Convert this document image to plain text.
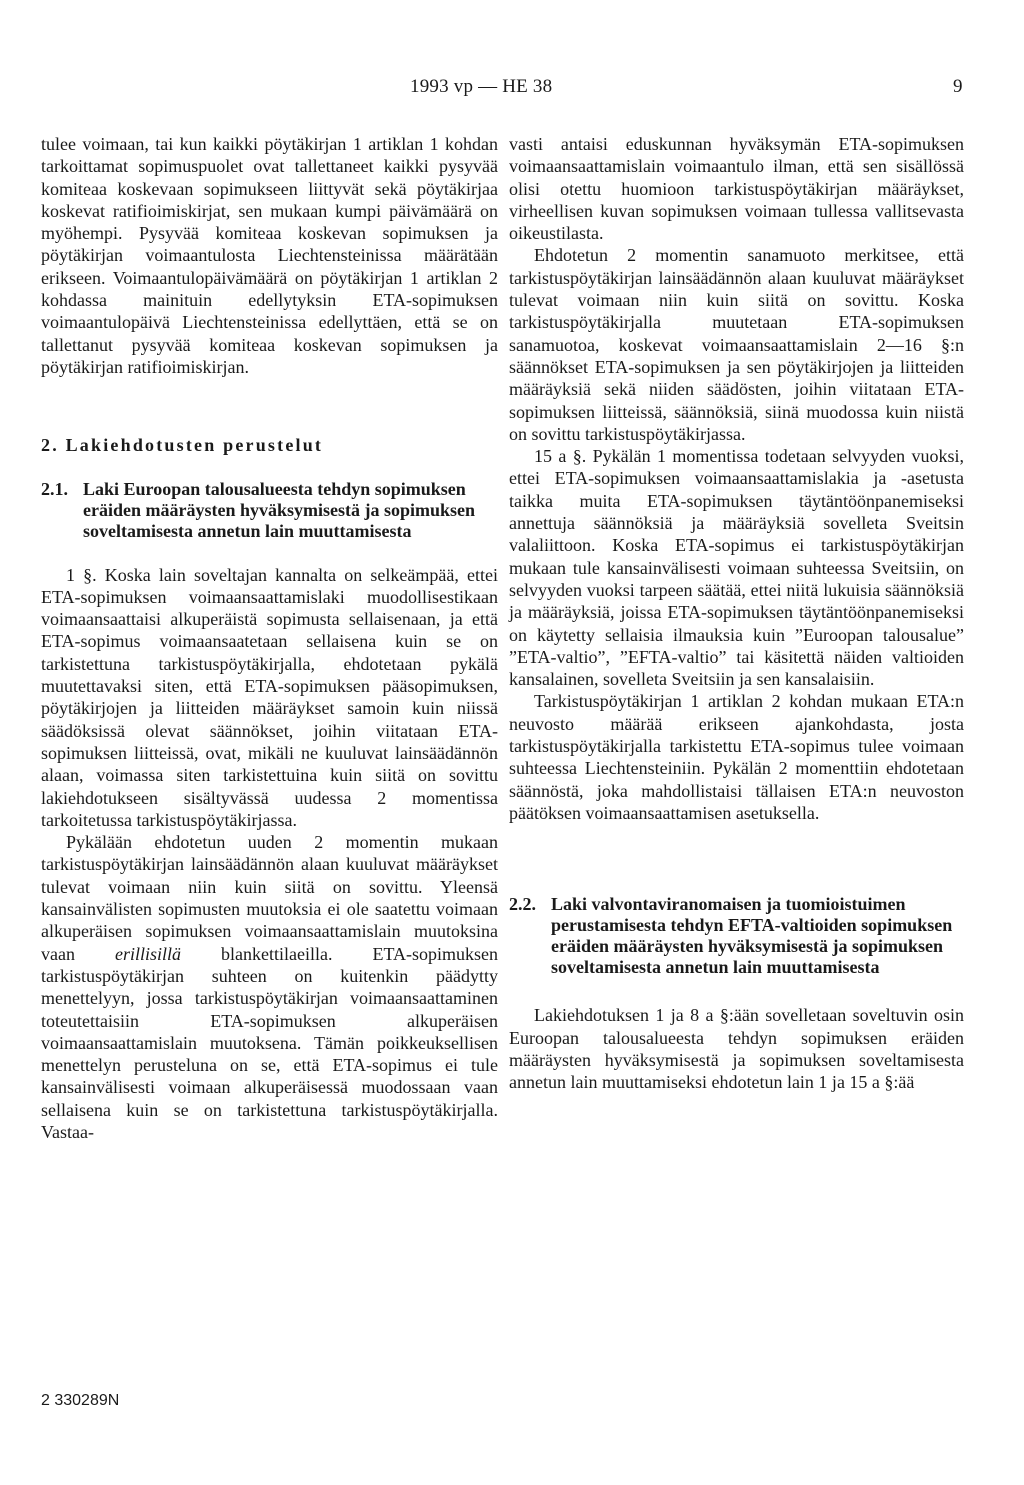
1993 vp — HE 38	9

tulee voimaan, tai kun kaikki pöytäkirjan 1 artiklan 1 kohdan tarkoittamat sopimuspuolet ovat tallettaneet kaikki pysyvää komiteaa koskevaan sopimukseen liittyvät sekä pöytäkirjaa koskevat ratifioimiskirjat, sen mukaan kumpi päivämäärä on myöhempi. Pysyvää komiteaa koskevan sopimuksen ja pöytäkirjan voimaantulosta Liechtensteinissa määrätään erikseen. Voimaantulopäivämäärä on pöytäkirjan 1 artiklan 2 kohdassa mainituin edellytyksin ETA-sopimuksen voimaantulopäivä Liechtensteinissa edellyttäen, että se on tallettanut pysyvää komiteaa koskevan sopimuksen ja pöytäkirjan ratifioimiskirjan.

2. Lakiehdotusten perustelut

2.1. Laki Euroopan talousalueesta tehdyn sopimuksen eräiden määräysten hyväksymisestä ja sopimuksen soveltamisesta annetun lain muuttamisesta

1 §. Koska lain soveltajan kannalta on selkeämpää, ettei ETA-sopimuksen voimaansaattamislaki muodollisestikaan voimaansaattaisi alkuperäistä sopimusta sellaisenaan, ja että ETA-sopimus voimaansaatetaan sellaisena kuin se on tarkistettuna tarkistuspöytäkirjalla, ehdotetaan pykälä muutettavaksi siten, että ETA-sopimuksen pääsopimuksen, pöytäkirjojen ja liitteiden määräykset samoin kuin niissä säädöksissä olevat säännökset, joihin viitataan ETA-sopimuksen liitteissä, ovat, mikäli ne kuuluvat lainsäädännön alaan, voimassa siten tarkistettuina kuin siitä on sovittu lakiehdotukseen sisältyvässä uudessa 2 momentissa tarkoitetussa tarkistuspöytäkirjassa.

Pykälään ehdotetun uuden 2 momentin mukaan tarkistuspöytäkirjan lainsäädännön alaan kuuluvat määräykset tulevat voimaan niin kuin siitä on sovittu. Yleensä kansainvälisten sopimusten muutoksia ei ole saatettu voimaan alkuperäisen sopimuksen voimaansaattamislain muutoksina vaan erillisillä blankettilaeilla. ETA-sopimuksen tarkistuspöytäkirjan suhteen on kuitenkin päädytty menettelyyn, jossa tarkistuspöytäkirjan voimaansaattaminen toteutettaisiin ETA-sopimuksen alkuperäisen voimaansaattamislain muutoksena. Tämän poikkeuksellisen menettelyn perusteluna on se, että ETA-sopimus ei tule kansainvälisesti voimaan alkuperäisessä muodossaan vaan sellaisena kuin se on tarkistettuna tarkistuspöytäkirjalla. Vastaa-

vasti antaisi eduskunnan hyväksymän ETA-sopimuksen voimaansaattamislain voimaantulo ilman, että sen sisällössä olisi otettu huomioon tarkistuspöytäkirjan määräykset, virheellisen kuvan sopimuksen voimaan tullessa vallitsevasta oikeustilasta.

Ehdotetun 2 momentin sanamuoto merkitsee, että tarkistuspöytäkirjan lainsäädännön alaan kuuluvat määräykset tulevat voimaan niin kuin siitä on sovittu. Koska tarkistuspöytäkirjalla muutetaan ETA-sopimuksen sanamuotoa, koskevat voimaansaattamislain 2—16 §:n säännökset ETA-sopimuksen ja sen pöytäkirjojen ja liitteiden määräyksiä sekä niiden säädösten, joihin viitataan ETA-sopimuksen liitteissä, säännöksiä, siinä muodossa kuin niistä on sovittu tarkistuspöytäkirjassa.

15 a §. Pykälän 1 momentissa todetaan selvyyden vuoksi, ettei ETA-sopimuksen voimaansaattamislakia ja -asetusta taikka muita ETA-sopimuksen täytäntöönpanemiseksi annettuja säännöksiä ja määräyksiä sovelleta Sveitsin valaliittoon. Koska ETA-sopimus ei tarkistuspöytäkirjan mukaan tule kansainvälisesti voimaan suhteessa Sveitsiin, on selvyyden vuoksi tarpeen säätää, ettei niitä lukuisia säännöksiä ja määräyksiä, joissa ETA-sopimuksen täytäntöönpanemiseksi on käytetty sellaisia ilmauksia kuin ”Euroopan talousalue” ”ETA-valtio”, ”EFTA-valtio” tai käsitettä näiden valtioiden kansalainen, sovelleta Sveitsiin ja sen kansalaisiin.

Tarkistuspöytäkirjan 1 artiklan 2 kohdan mukaan ETA:n neuvosto määrää erikseen ajankohdasta, josta tarkistuspöytäkirjalla tarkistettu ETA-sopimus tulee voimaan suhteessa Liechtensteiniin. Pykälän 2 momenttiin ehdotetaan säännöstä, joka mahdollistaisi tällaisen ETA:n neuvoston päätöksen voimaansaattamisen asetuksella.

2.2. Laki valvontaviranomaisen ja tuomioistuimen perustamisesta tehdyn EFTA-valtioiden sopimuksen eräiden määräysten hyväksymisestä ja sopimuksen soveltamisesta annetun lain muuttamisesta

Lakiehdotuksen 1 ja 8 a §:ään sovelletaan soveltuvin osin Euroopan talousalueesta tehdyn sopimuksen eräiden määräysten hyväksymisestä ja sopimuksen soveltamisesta annetun lain muuttamiseksi ehdotetun lain 1 ja 15 a §:ää

2 330289N
